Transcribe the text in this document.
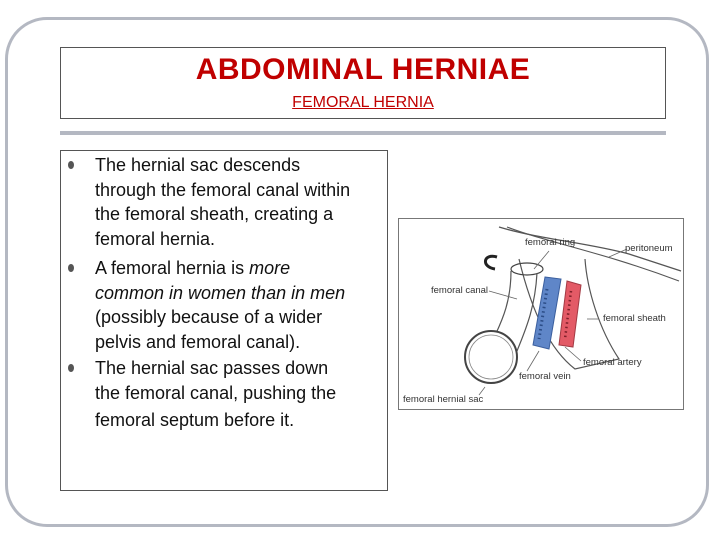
ABDOMINAL HERNIAE
FEMORAL HERNIA
The hernial sac descends
through the femoral canal within
the femoral sheath, creating a
femoral hernia.
A femoral hernia is more
common in women than in men
(possibly because of a wider
pelvis and femoral canal).
The hernial sac passes down
the femoral canal, pushing the
femoral septum before it.
femoral ring
peritoneum
femoral canal
femoral sheath
femoral artery
femoral vein
femoral hernial sac
